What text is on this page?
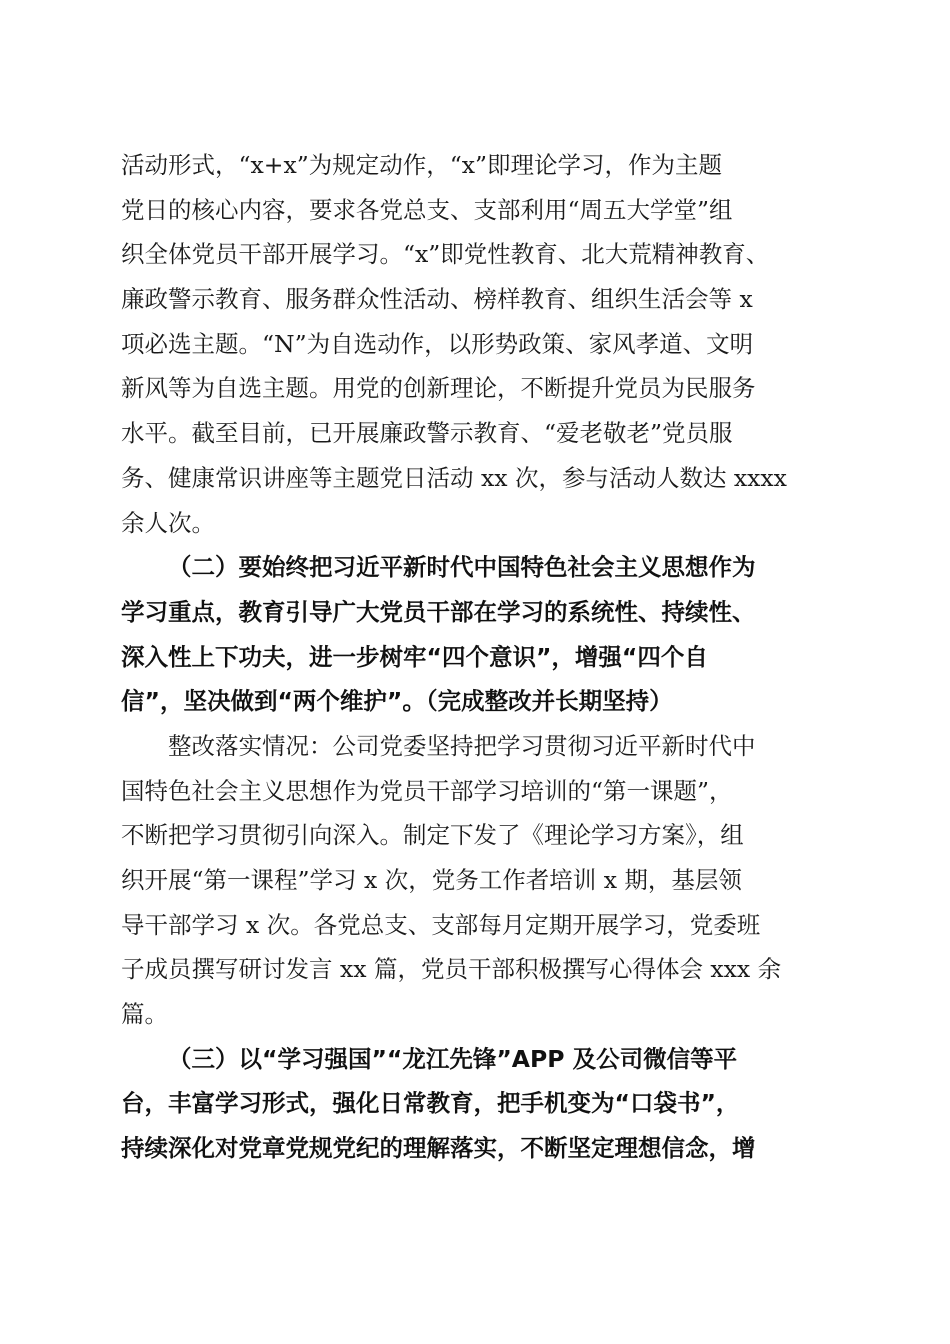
活动形式，“x+x”为规定动作，“x”即理论学习，作为主题
党日的核心内容，要求各党总支、支部利用“周五大学堂”组
织全体党员干部开展学习。“x”即党性教育、北大荒精神教育、
廉政警示教育、服务群众性活动、榜样教育、组织生活会等 x
项必选主题。“N”为自选动作，以形势政策、家风孝道、文明
新风等为自选主题。用党的创新理论，不断提升党员为民服务
水平。截至目前，已开展廉政警示教育、“爱老敬老”党员服
务、健康常识讲座等主题党日活动 xx 次，参与活动人数达 xxxx
余人次。
（二）要始终把习近平新时代中国特色社会主义思想作为
学习重点，教育引导广大党员干部在学习的系统性、持续性、
深入性上下功夫，进一步树牢“四个意识”，增强“四个自
信”，坚决做到“两个维护”。（完成整改并长期坚持）
整改落实情况：公司党委坚持把学习贯彻习近平新时代中
国特色社会主义思想作为党员干部学习培训的“第一课题”，
不断把学习贯彻引向深入。制定下发了《理论学习方案》，组
织开展“第一课程”学习 x 次，党务工作者培训 x 期，基层领
导干部学习 x 次。各党总支、支部每月定期开展学习，党委班
子成员撰写研讨发言 xx 篇，党员干部积极撰写心得体会 xxx 余
篇。
（三）以“学习强国”“龙江先锋”APP 及公司微信等平
台，丰富学习形式，强化日常教育，把手机变为“口袋书”，
持续深化对党章党规党纪的理解落实，不断坚定理想信念，增
